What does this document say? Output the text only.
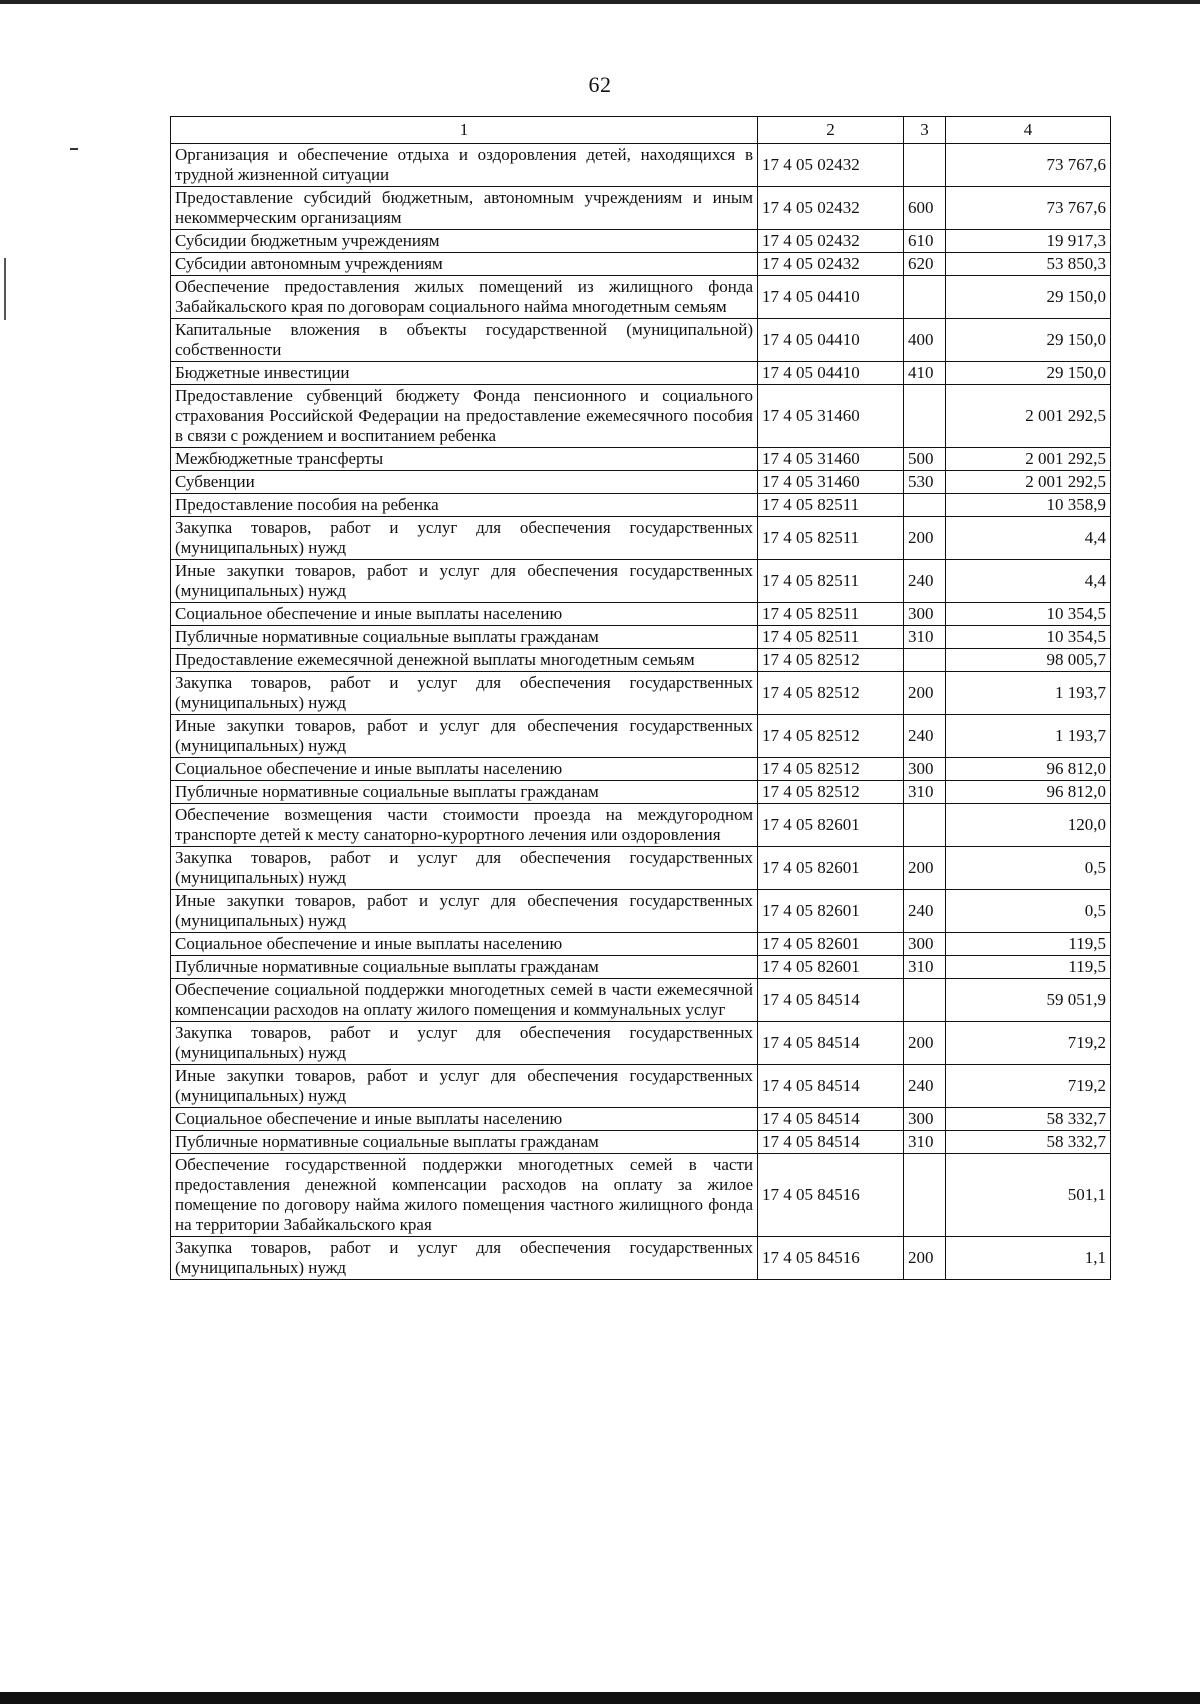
62
1	2	3	4
Организация и обеспечение отдыха и оздоровления детей, находящихся в трудной жизненной ситуации	17 4 05 02432		73 767,6
Предоставление субсидий бюджетным, автономным учреждениям и иным некоммерческим организациям	17 4 05 02432	600	73 767,6
Субсидии бюджетным учреждениям	17 4 05 02432	610	19 917,3
Субсидии автономным учреждениям	17 4 05 02432	620	53 850,3
Обеспечение предоставления жилых помещений из жилищного фонда Забайкальского края по договорам социального найма многодетным семьям	17 4 05 04410		29 150,0
Капитальные вложения в объекты государственной (муниципальной) собственности	17 4 05 04410	400	29 150,0
Бюджетные инвестиции	17 4 05 04410	410	29 150,0
Предоставление субвенций бюджету Фонда пенсионного и социального страхования Российской Федерации на предоставление ежемесячного пособия в связи с рождением и воспитанием ребенка	17 4 05 31460		2 001 292,5
Межбюджетные трансферты	17 4 05 31460	500	2 001 292,5
Субвенции	17 4 05 31460	530	2 001 292,5
Предоставление пособия на ребенка	17 4 05 82511		10 358,9
Закупка товаров, работ и услуг для обеспечения государственных (муниципальных) нужд	17 4 05 82511	200	4,4
Иные закупки товаров, работ и услуг для обеспечения государственных (муниципальных) нужд	17 4 05 82511	240	4,4
Социальное обеспечение и иные выплаты населению	17 4 05 82511	300	10 354,5
Публичные нормативные социальные выплаты гражданам	17 4 05 82511	310	10 354,5
Предоставление ежемесячной денежной выплаты многодетным семьям	17 4 05 82512		98 005,7
Закупка товаров, работ и услуг для обеспечения государственных (муниципальных) нужд	17 4 05 82512	200	1 193,7
Иные закупки товаров, работ и услуг для обеспечения государственных (муниципальных) нужд	17 4 05 82512	240	1 193,7
Социальное обеспечение и иные выплаты населению	17 4 05 82512	300	96 812,0
Публичные нормативные социальные выплаты гражданам	17 4 05 82512	310	96 812,0
Обеспечение возмещения части стоимости проезда на междугородном транспорте детей к месту санаторно-курортного лечения или оздоровления	17 4 05 82601		120,0
Закупка товаров, работ и услуг для обеспечения государственных (муниципальных) нужд	17 4 05 82601	200	0,5
Иные закупки товаров, работ и услуг для обеспечения государственных (муниципальных) нужд	17 4 05 82601	240	0,5
Социальное обеспечение и иные выплаты населению	17 4 05 82601	300	119,5
Публичные нормативные социальные выплаты гражданам	17 4 05 82601	310	119,5
Обеспечение социальной поддержки многодетных семей в части ежемесячной компенсации расходов на оплату жилого помещения и коммунальных услуг	17 4 05 84514		59 051,9
Закупка товаров, работ и услуг для обеспечения государственных (муниципальных) нужд	17 4 05 84514	200	719,2
Иные закупки товаров, работ и услуг для обеспечения государственных (муниципальных) нужд	17 4 05 84514	240	719,2
Социальное обеспечение и иные выплаты населению	17 4 05 84514	300	58 332,7
Публичные нормативные социальные выплаты гражданам	17 4 05 84514	310	58 332,7
Обеспечение государственной поддержки многодетных семей в части предоставления денежной компенсации расходов на оплату за жилое помещение по договору найма жилого помещения частного жилищного фонда на территории Забайкальского края	17 4 05 84516		501,1
Закупка товаров, работ и услуг для обеспечения государственных (муниципальных) нужд	17 4 05 84516	200	1,1
